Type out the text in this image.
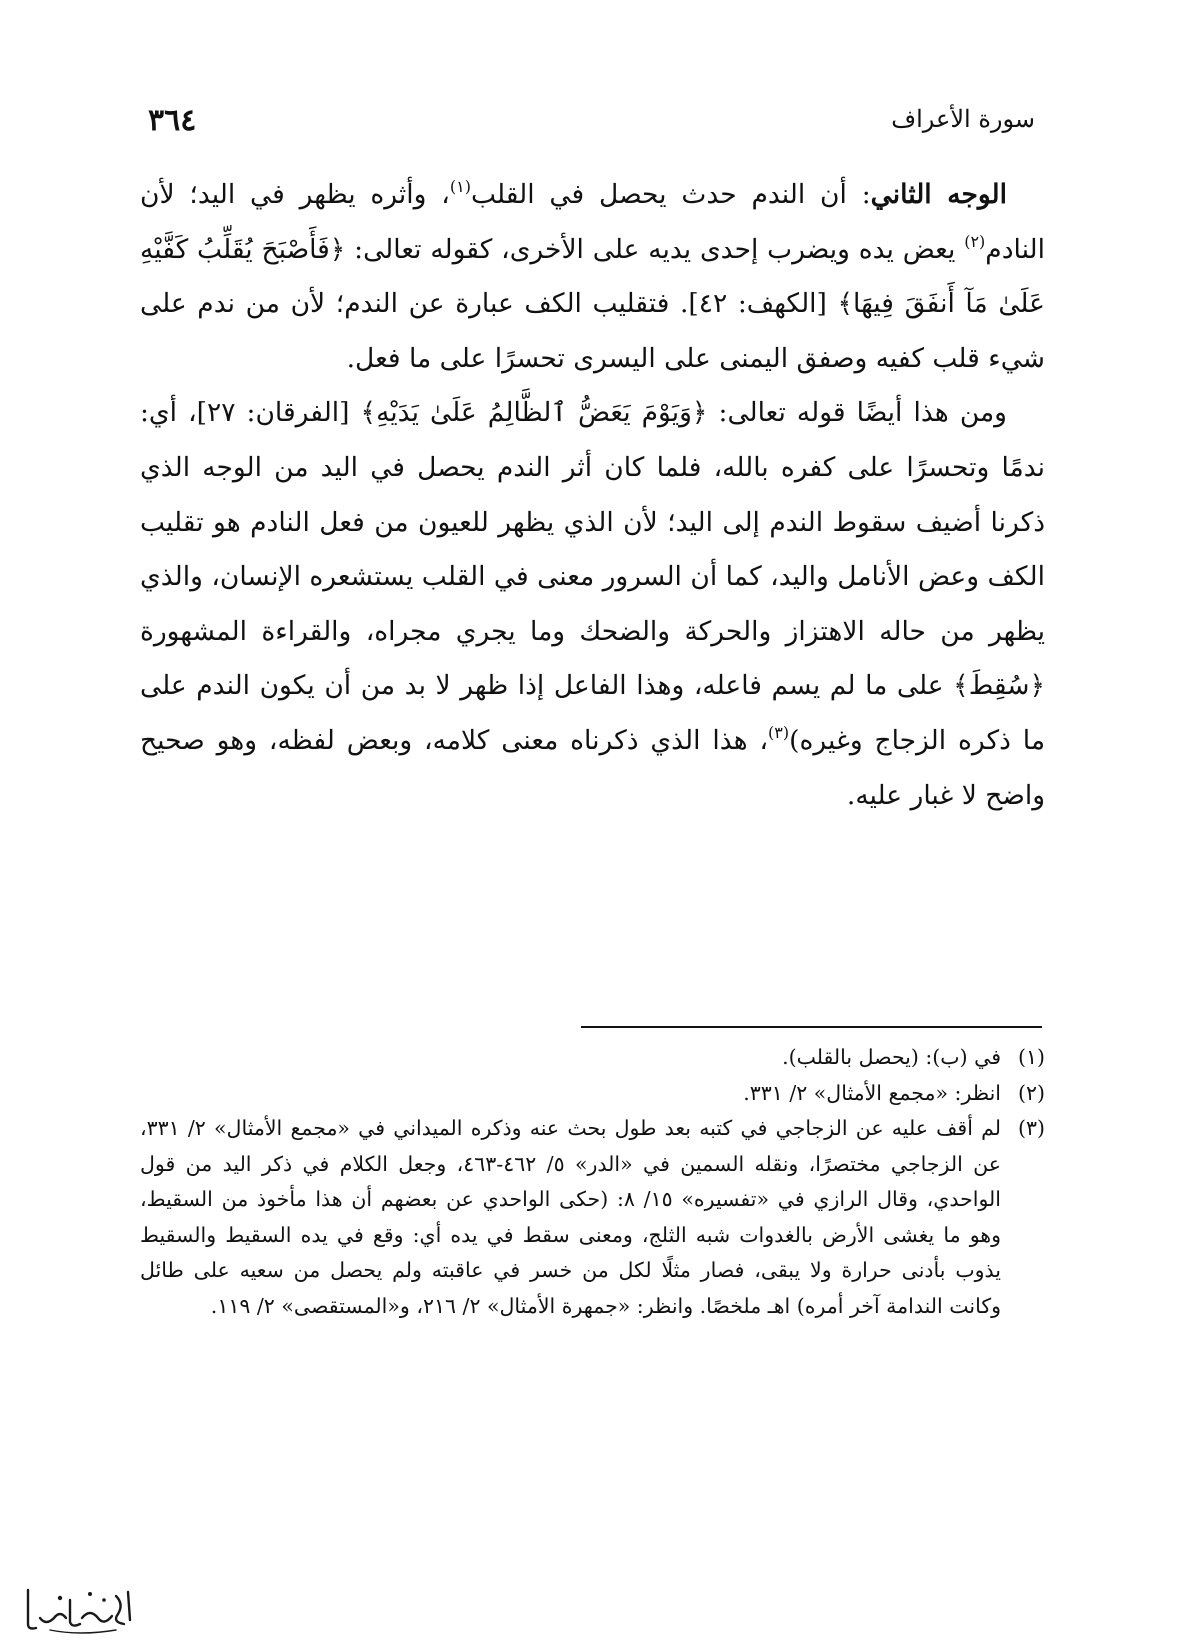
٣٦٤	سورة الأعراف

الوجه الثاني: أن الندم حدث يحصل في القلب$^{(١)}$، وأثره يظهر في اليد؛ لأن النادم$^{(٢)}$ يعض يده ويضرب إحدى يديه على الأخرى، كقوله تعالى: ﴿فَأَصْبَحَ يُقَلِّبُ كَفَّيْهِ عَلَىٰ مَآ أَنفَقَ فِيهَا﴾ [الكهف: ٤٢]. فتقليب الكف عبارة عن الندم؛ لأن من ندم على شيء قلب كفيه وصفق اليمنى على اليسرى تحسرًا على ما فعل.

ومن هذا أيضًا قوله تعالى: ﴿وَيَوْمَ يَعَضُّ ٱلظَّالِمُ عَلَىٰ يَدَيْهِ﴾ [الفرقان: ٢٧]، أي: ندمًا وتحسرًا على كفره بالله، فلما كان أثر الندم يحصل في اليد من الوجه الذي ذكرنا أضيف سقوط الندم إلى اليد؛ لأن الذي يظهر للعيون من فعل النادم هو تقليب الكف وعض الأنامل واليد، كما أن السرور معنى في القلب يستشعره الإنسان، والذي يظهر من حاله الاهتزاز والحركة والضحك وما يجري مجراه، والقراءة المشهورة ﴿سُقِطَ﴾ على ما لم يسم فاعله، وهذا الفاعل إذا ظهر لا بد من أن يكون الندم على ما ذكره الزجاج وغيره)$^{(٣)}$، هذا الذي ذكرناه معنى كلامه، وبعض لفظه، وهو صحيح واضح لا غبار عليه.

(١)
في (ب): (يحصل بالقلب).
(٢)
انظر: «مجمع الأمثال» ٢/ ٣٣١.
(٣)
لم أقف عليه عن الزجاجي في كتبه بعد طول بحث عنه وذكره الميداني في «مجمع الأمثال» ٢/ ٣٣١، عن الزجاجي مختصرًا، ونقله السمين في «الدر» ٥/ ٤٦٢-٤٦٣، وجعل الكلام في ذكر اليد من قول الواحدي، وقال الرازي في «تفسيره» ١٥/ ٨: (حكى الواحدي عن بعضهم أن هذا مأخوذ من السقيط، وهو ما يغشى الأرض بالغدوات شبه الثلج، ومعنى سقط في يده أي: وقع في يده السقيط والسقيط يذوب بأدنى حرارة ولا يبقى، فصار مثلًا لكل من خسر في عاقبته ولم يحصل من سعيه على طائل وكانت الندامة آخر أمره) اهـ ملخصًا. وانظر: «جمهرة الأمثال» ٢/ ٢١٦، و«المستقصى» ٢/ ١١٩.
